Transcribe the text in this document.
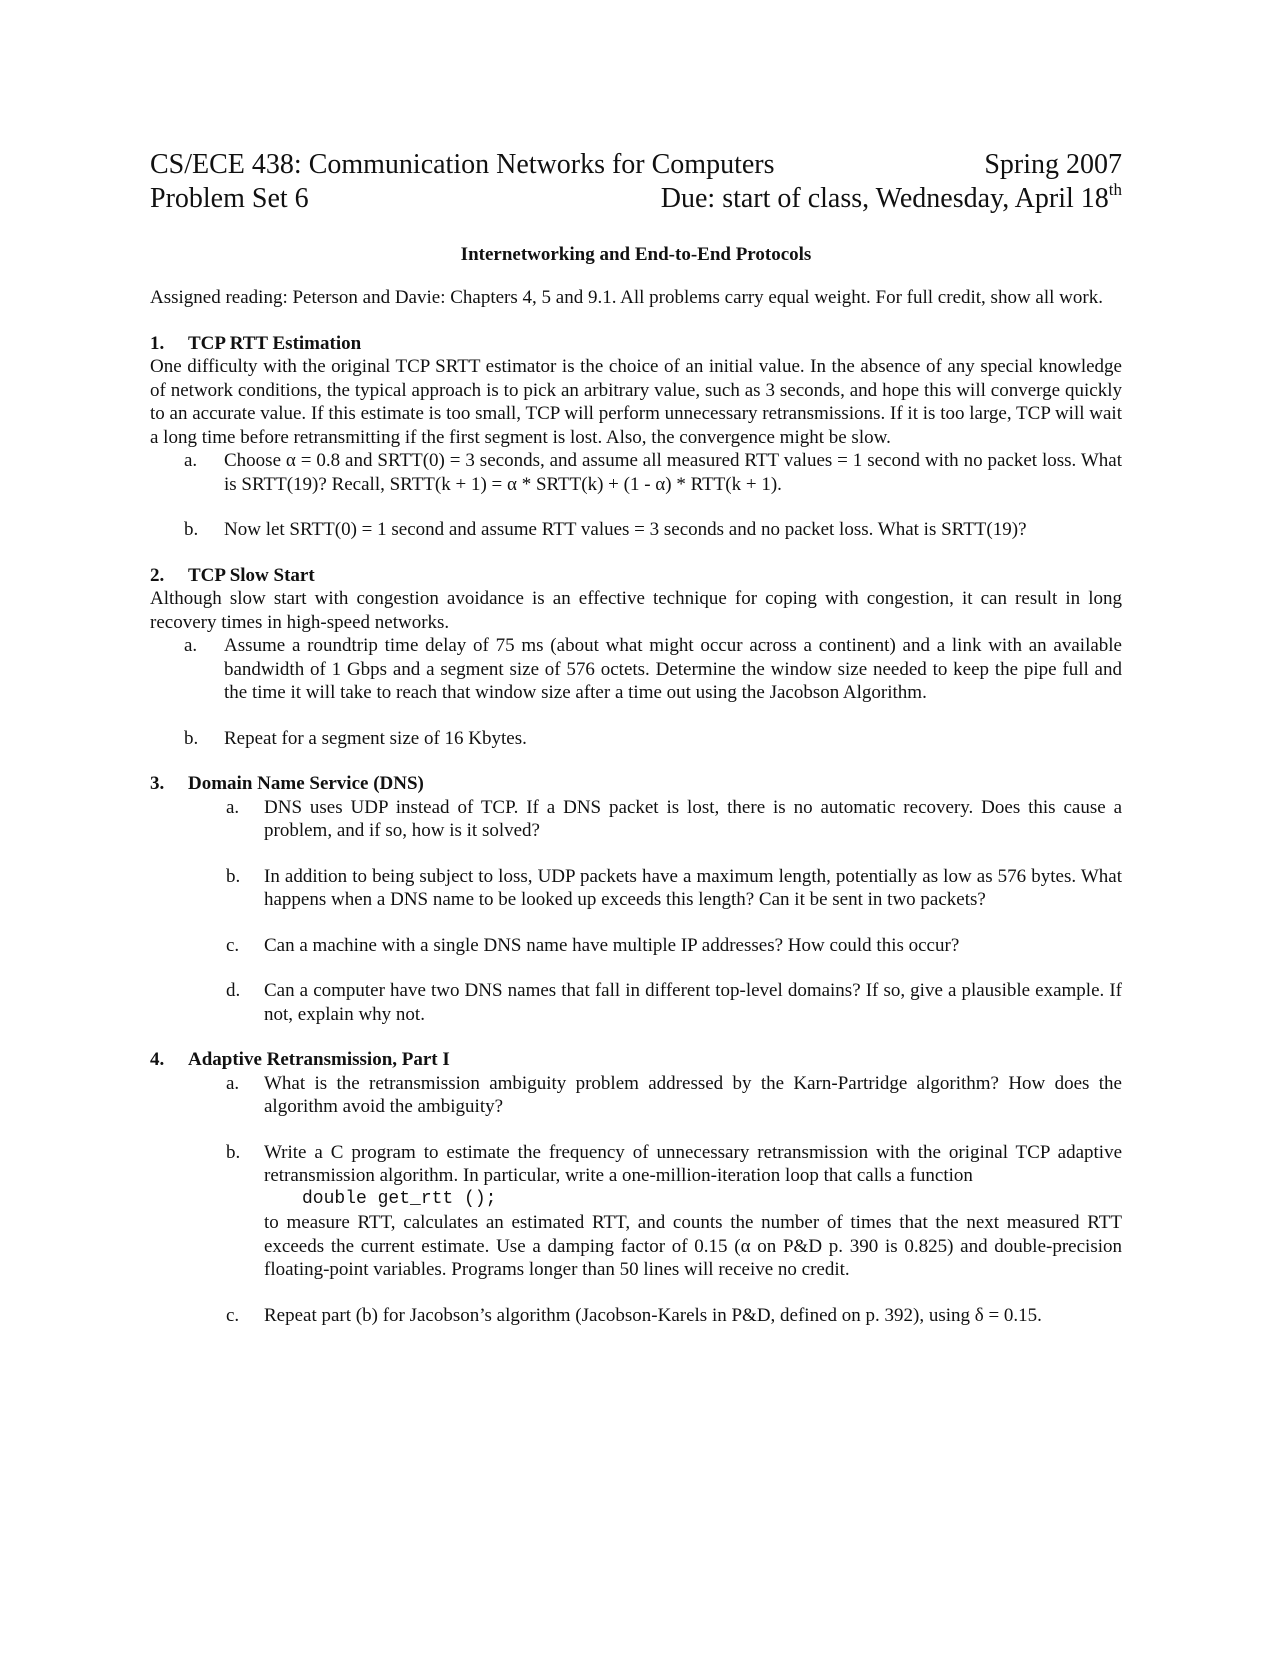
CS/ECE 438: Communication Networks for Computers	Spring 2007
Problem Set 6	Due: start of class, Wednesday, April 18th
Internetworking and End-to-End Protocols

Assigned reading: Peterson and Davie: Chapters 4, 5 and 9.1. All problems carry equal weight. For full credit, show all work.

1.	TCP RTT Estimation

One difficulty with the original TCP SRTT estimator is the choice of an initial value. In the absence of any special knowledge of network conditions, the typical approach is to pick an arbitrary value, such as 3 seconds, and hope this will converge quickly to an accurate value. If this estimate is too small, TCP will perform unnecessary retransmissions. If it is too large, TCP will wait a long time before retransmitting if the first segment is lost. Also, the convergence might be slow.

a.	Choose α = 0.8 and SRTT(0) = 3 seconds, and assume all measured RTT values = 1 second with no packet loss. What is SRTT(19)? Recall, SRTT(k + 1) = α * SRTT(k) + (1 - α) * RTT(k + 1).
b.	Now let SRTT(0) = 1 second and assume RTT values = 3 seconds and no packet loss. What is SRTT(19)?
2.	TCP Slow Start

Although slow start with congestion avoidance is an effective technique for coping with congestion, it can result in long recovery times in high-speed networks.

a.	Assume a roundtrip time delay of 75 ms (about what might occur across a continent) and a link with an available bandwidth of 1 Gbps and a segment size of 576 octets. Determine the window size needed to keep the pipe full and the time it will take to reach that window size after a time out using the Jacobson Algorithm.
b.	Repeat for a segment size of 16 Kbytes.
3.	Domain Name Service (DNS)
a.	DNS uses UDP instead of TCP. If a DNS packet is lost, there is no automatic recovery. Does this cause a problem, and if so, how is it solved?
b.	In addition to being subject to loss, UDP packets have a maximum length, potentially as low as 576 bytes. What happens when a DNS name to be looked up exceeds this length? Can it be sent in two packets?
c.	Can a machine with a single DNS name have multiple IP addresses? How could this occur?
d.	Can a computer have two DNS names that fall in different top-level domains? If so, give a plausible example. If not, explain why not.
4.	Adaptive Retransmission, Part I
a.	What is the retransmission ambiguity problem addressed by the Karn-Partridge algorithm? How does the algorithm avoid the ambiguity?
b.	Write a C program to estimate the frequency of unnecessary retransmission with the original TCP adaptive retransmission algorithm. In particular, write a one-million-iteration loop that calls a function
double get_rtt ();
to measure RTT, calculates an estimated RTT, and counts the number of times that the next measured RTT exceeds the current estimate. Use a damping factor of 0.15 (α on P&D p. 390 is 0.825) and double-precision floating-point variables. Programs longer than 50 lines will receive no credit.
c.	Repeat part (b) for Jacobson’s algorithm (Jacobson-Karels in P&D, defined on p. 392), using δ = 0.15.
